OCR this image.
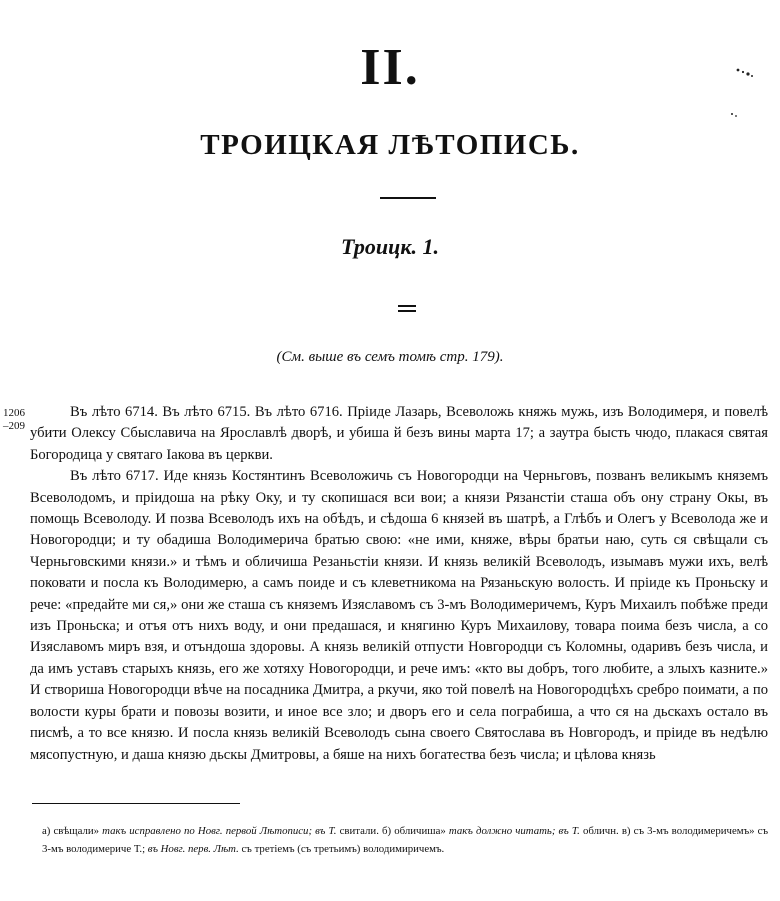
II.
ТРОИЦКАЯ ЛѢТОПИСЬ.
Троицк. 1.
(См. выше въ семъ томѣ стр. 179).
1206
–209

Въ лѣто 6714. Въ лѣто 6715. Въ лѣто 6716. Пріиде Лазарь, Всеволожь княжь мужь, изъ Володимеря, и повелѣ убити Олексу Сбыславича на Ярославлѣ дворѣ, и убиша й безъ вины марта 17; а заутра бысть чюдо, плакася святая Богородица у святаго Іакова въ церкви.

Въ лѣто 6717. Иде князь Костянтинъ Всеволожичь съ Новогородци на Черньговъ, позванъ великымъ княземъ Всеволодомъ, и пріидоша на рѣку Оку, и ту скопишася вси вои; а князи Рязанстіи сташа объ ону страну Окы, въ помощь Всеволоду. И позва Всеволодъ ихъ на обѣдъ, и сѣдоша 6 князей въ шатрѣ, а Глѣбъ и Олегъ у Всеволода же и Новогородци; и ту обадиша Володимерича братью свою: «не ими, княже, вѣры братьи наю, суть ся свѣщали съ Черньговскими князи.» и тѣмъ и обличиша Резаньстіи князи. И князь великій Всеволодъ, изымавъ мужи ихъ, велѣ поковати и посла къ Володимерю, а самъ поиде и съ клеветникома на Рязаньскую волость. И пріиде къ Проньску и рече: «предайте ми ся,» они же сташа съ княземъ Изяславомъ съ 3-мъ Володимеричемъ, Куръ Михаилъ побѣже преди изъ Проньска; и отъя отъ нихъ воду, и они предашася, и княгиню Куръ Михаилову, товара поима безъ числа, а со Изяславомъ миръ взя, и отъндоша здоровы. А князь великій отпусти Новгородци съ Коломны, одаривъ безъ числа, и да имъ уставъ старыхъ князь, его же хотяху Новогородци, и рече имъ: «кто вы добръ, того любите, а злыхъ казните.» И створиша Новогородци вѣче на посадника Дмитра, а ркучи, яко той повелѣ на Новогородцѣхъ сребро поимати, а по волости куры брати и повозы возити, и иное все зло; и дворъ его и села пограбиша, а что ся на дьскахъ остало въ писмѣ, а то все князю. И посла князь великій Всеволодъ сына своего Святослава въ Новгородъ, и пріиде въ недѣлю мясопустную, и даша князю дьскы Дмитровы, а бяше на нихъ богатества безъ числа; и цѣлова князь

а) свѣщали» такъ исправлено по Новг. первой Лѣтописи; въ Т. свитали. б) обличиша» такъ должно читать; въ Т. обличн. в) съ 3-мъ володимеричемъ» съ 3-мъ володимериче Т.; въ Новг. перв. Лѣт. съ третіемъ (съ третьимъ) володимиричемъ.
